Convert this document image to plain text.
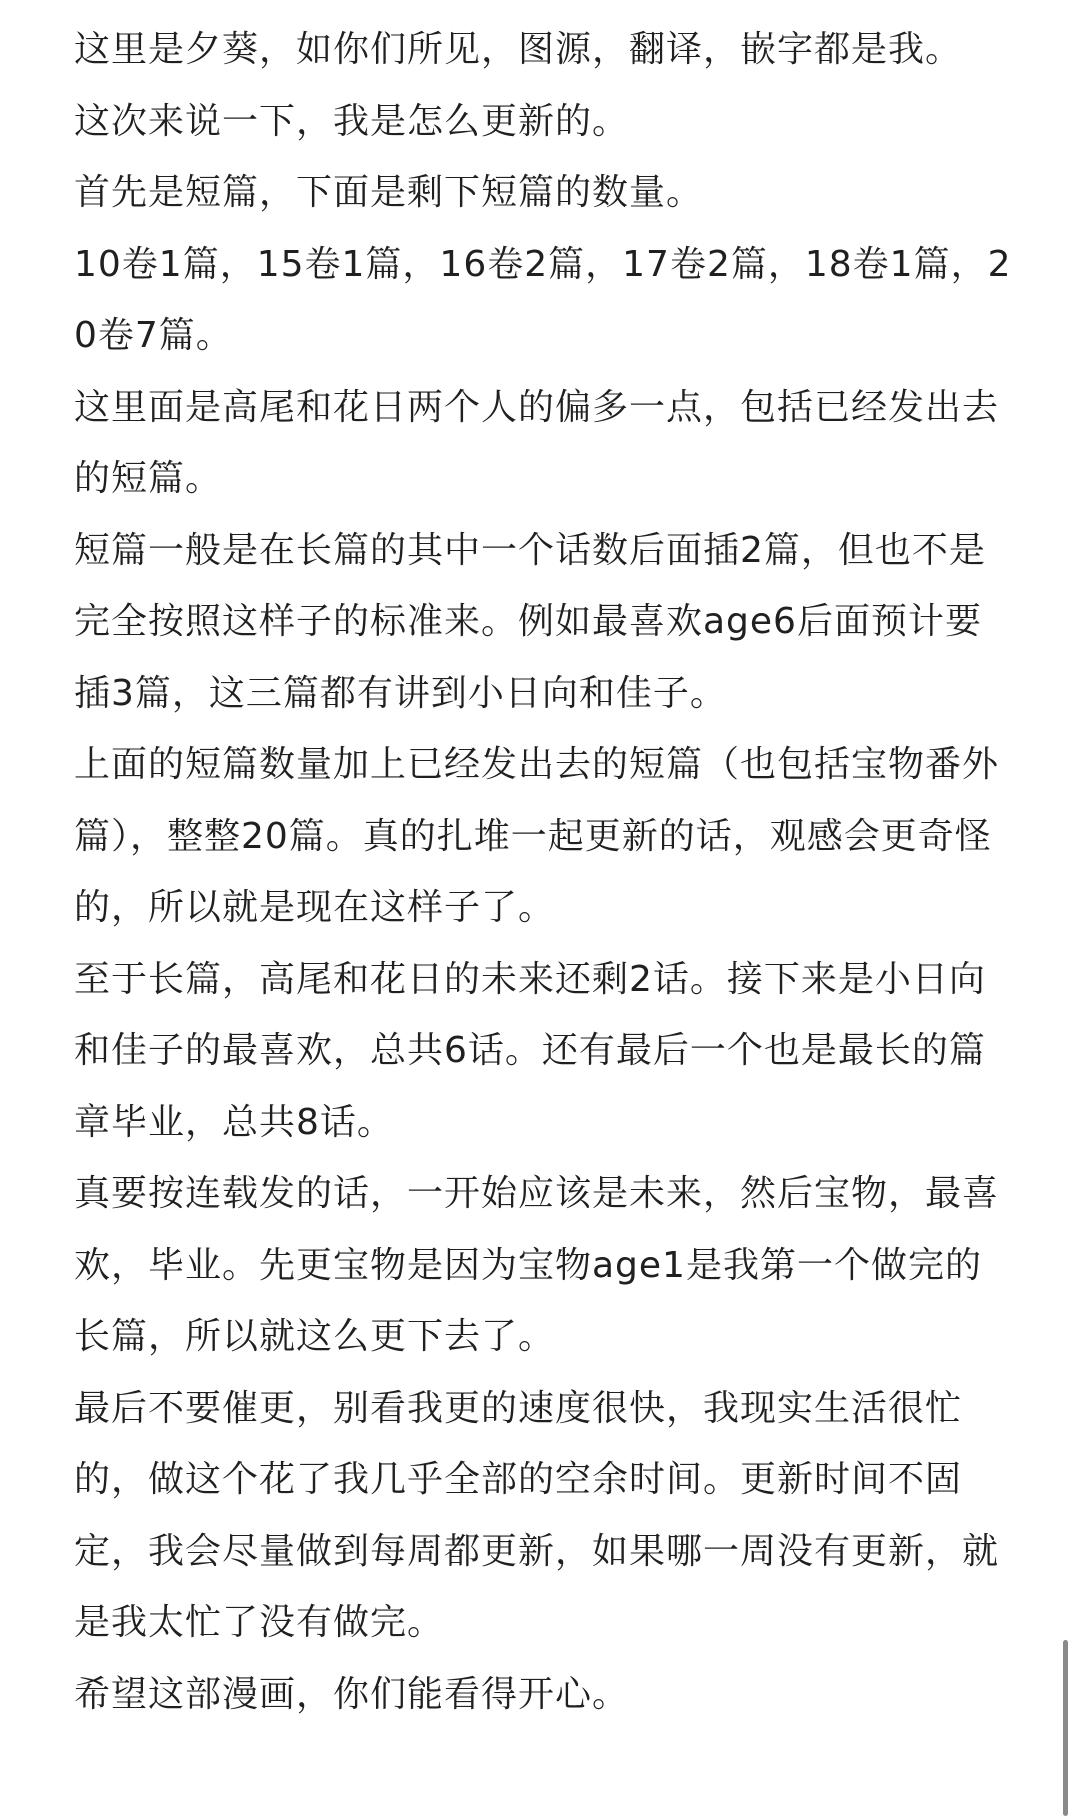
这里是夕葵，如你们所见，图源，翻译，嵌字都是我。

这次来说一下，我是怎么更新的。

首先是短篇，下面是剩下短篇的数量。

10卷1篇，15卷1篇，16卷2篇，17卷2篇，18卷1篇，20卷7篇。

这里面是高尾和花日两个人的偏多一点，包括已经发出去的短篇。

短篇一般是在长篇的其中一个话数后面插2篇，但也不是完全按照这样子的标准来。例如最喜欢age6后面预计要插3篇，这三篇都有讲到小日向和佳子。

上面的短篇数量加上已经发出去的短篇（也包括宝物番外篇），整整20篇。真的扎堆一起更新的话，观感会更奇怪的，所以就是现在这样子了。

至于长篇，高尾和花日的未来还剩2话。接下来是小日向和佳子的最喜欢，总共6话。还有最后一个也是最长的篇章毕业，总共8话。

真要按连载发的话，一开始应该是未来，然后宝物，最喜欢，毕业。先更宝物是因为宝物age1是我第一个做完的长篇，所以就这么更下去了。

最后不要催更，别看我更的速度很快，我现实生活很忙的，做这个花了我几乎全部的空余时间。更新时间不固定，我会尽量做到每周都更新，如果哪一周没有更新，就是我太忙了没有做完。

希望这部漫画，你们能看得开心。
